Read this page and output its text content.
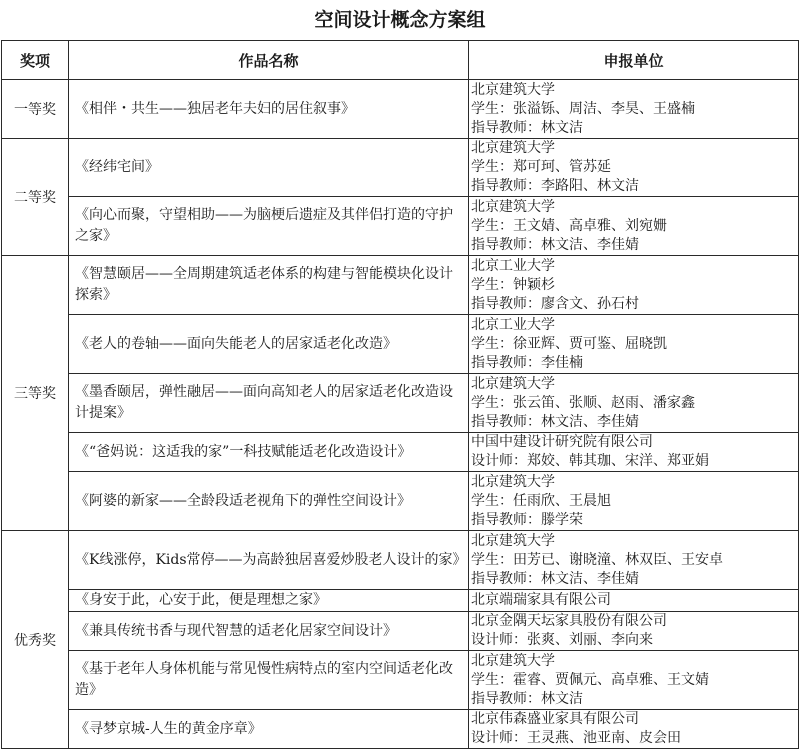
空间设计概念方案组
奖项	作品名称	申报单位
一等奖	《相伴・共生——独居老年夫妇的居住叙事》	北京建筑大学
学生：张溢铄、周洁、李昊、王盛楠
指导教师：林文洁

二等奖	《经纬宅间》	北京建筑大学
学生：郑可珂、管苏延
指导教师：李路阳、林文洁

	《向心而聚，守望相助——为脑梗后遗症及其伴侣打造的守护之家》	北京建筑大学
学生：王文婧、高卓雅、刘宛姗
指导教师：林文洁、李佳婧

三等奖	《智慧颐居——全周期建筑适老体系的构建与智能模块化设计探索》	北京工业大学
学生：钟颖杉
指导教师：廖含文、孙石村

	《老人的卷轴——面向失能老人的居家适老化改造》	北京工业大学
学生：徐亚辉、贾可鉴、屈晓凯
指导教师：李佳楠

	《墨香颐居，弹性融居——面向高知老人的居家适老化改造设计提案》	北京建筑大学
学生：张云笛、张顺、赵雨、潘家鑫
指导教师：林文洁、李佳婧

	《“爸妈说：这适我的家”一科技赋能适老化改造设计》	中国中建设计研究院有限公司
设计师：郑姣、韩其珈、宋洋、郑亚娟

	《阿婆的新家——全龄段适老视角下的弹性空间设计》	北京建筑大学
学生：任雨欣、王晨旭
指导教师：滕学荣

优秀奖	《K线涨停，Kids常停——为高龄独居喜爱炒股老人设计的家》	北京建筑大学
学生：田芳已、谢晓潼、林双臣、王安卓
指导教师：林文洁、李佳婧

	《身安于此，心安于此，便是理想之家》	北京端瑞家具有限公司

	《兼具传统书香与现代智慧的适老化居家空间设计》	北京金隅天坛家具股份有限公司
设计师：张爽、刘丽、李向来

	《基于老年人身体机能与常见慢性病特点的室内空间适老化改造》	北京建筑大学
学生：霍睿、贾佩元、高卓雅、王文婧
指导教师：林文洁

	《寻梦京城-人生的黄金序章》	北京伟森盛业家具有限公司
设计师：王灵燕、池亚南、皮会田
